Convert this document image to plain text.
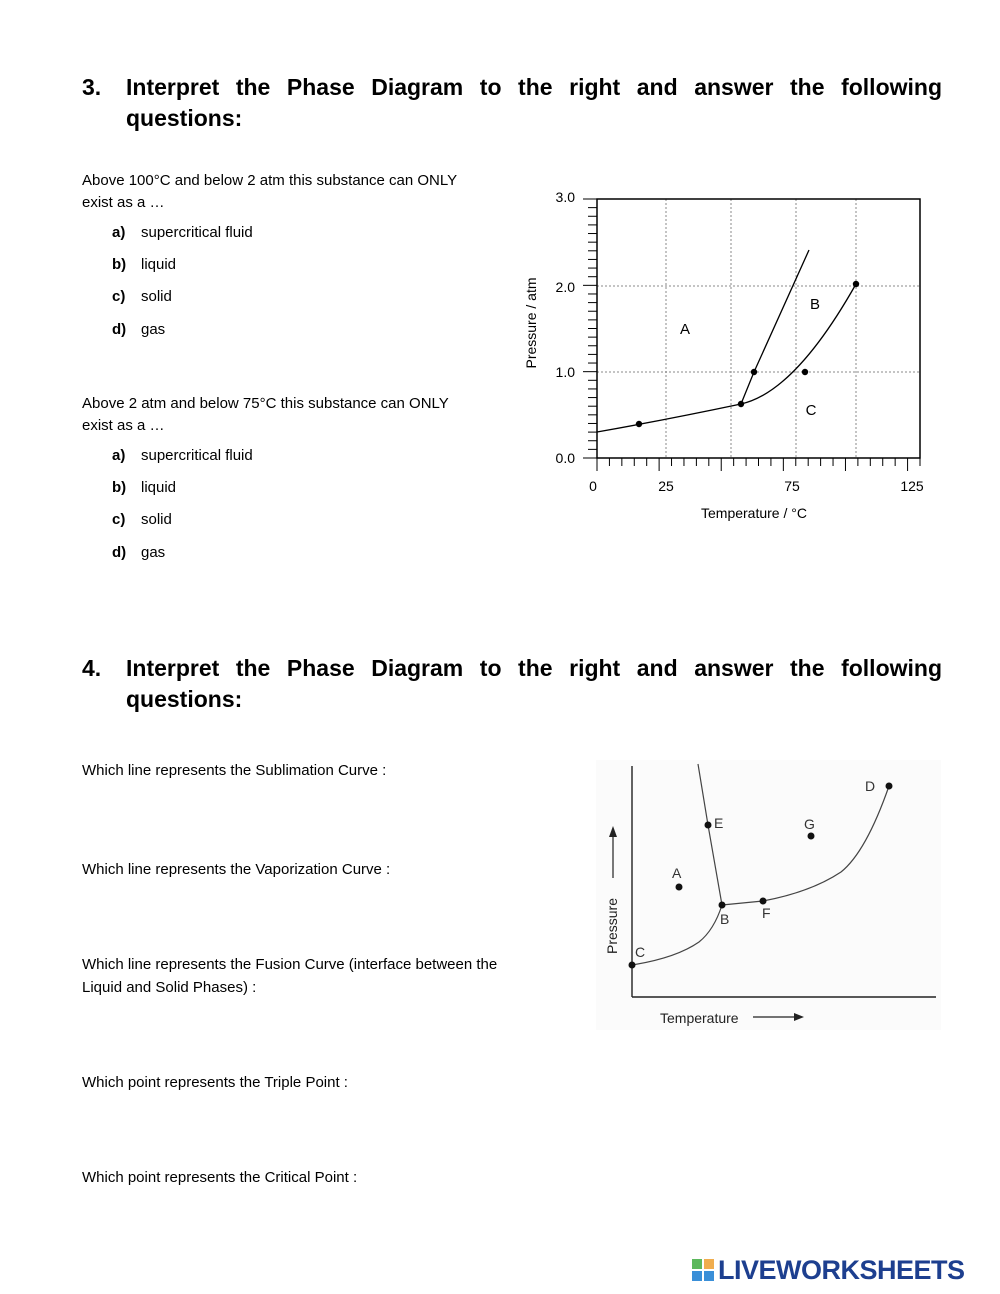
3. Interpret the Phase Diagram to the right and answer the following
questions:
Above 100°C and below 2 atm this substance can ONLY
exist as a …
a) supercritical fluid
b) liquid
c) solid
d) gas
Above 2 atm and below 75°C this substance can ONLY
exist as a …
a) supercritical fluid
b) liquid
c) solid
d) gas
A
B
C
3.0
2.0
1.0
0.0
0	25	75	125
Temperature / °C
Pressure / atm
4. Interpret the Phase Diagram to the right and answer the following
questions:
Which line represents the Sublimation Curve :
Which line represents the Vaporization Curve :
Which line represents the Fusion Curve (interface between the
Liquid and Solid Phases) :
Which point represents the Triple Point :
Which point represents the Critical Point :
C
B
E
F
D
A
G
Temperature
Pressure
LIVEWORKSHEETS
